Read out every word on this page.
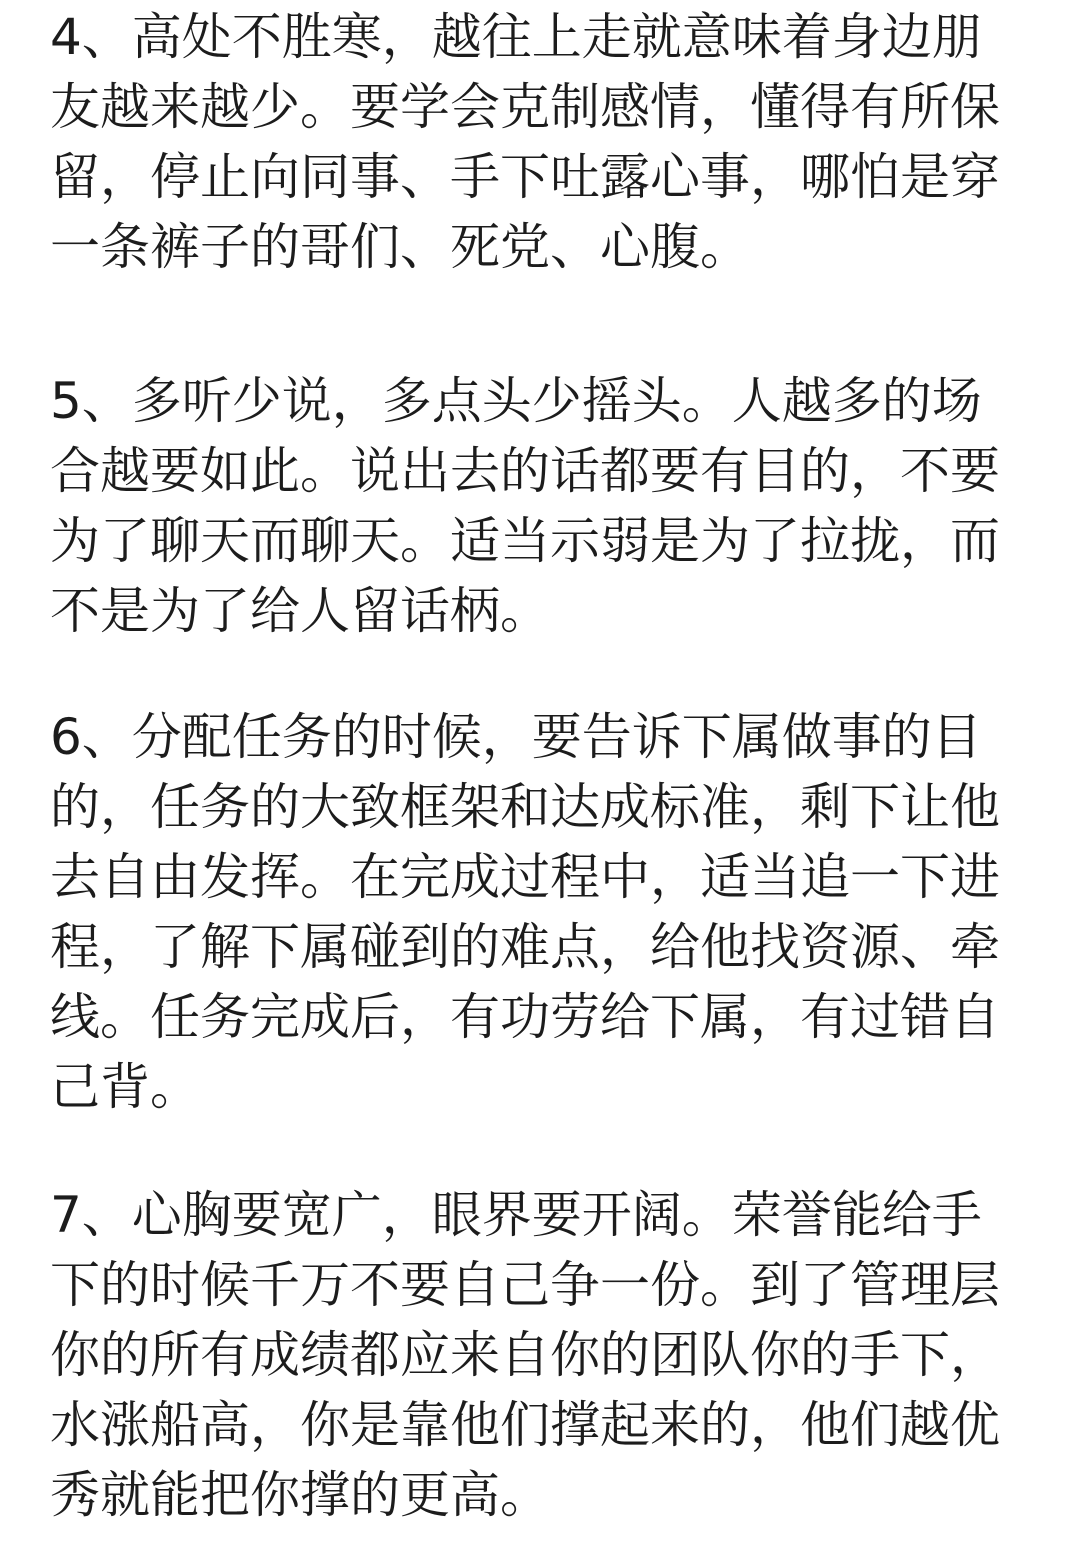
4、高处不胜寒，越往上走就意味着身边朋
友越来越少。要学会克制感情，懂得有所保
留，停止向同事、手下吐露心事，哪怕是穿
一条裤子的哥们、死党、心腹。

5、多听少说，多点头少摇头。人越多的场
合越要如此。说出去的话都要有目的，不要
为了聊天而聊天。适当示弱是为了拉拢，而
不是为了给人留话柄。

6、分配任务的时候，要告诉下属做事的目
的，任务的大致框架和达成标准，剩下让他
去自由发挥。在完成过程中，适当追一下进
程，了解下属碰到的难点，给他找资源、牵
线。任务完成后，有功劳给下属，有过错自
己背。

7、心胸要宽广，眼界要开阔。荣誉能给手
下的时候千万不要自己争一份。到了管理层
你的所有成绩都应来自你的团队你的手下，
水涨船高，你是靠他们撑起来的，他们越优
秀就能把你撑的更高。
